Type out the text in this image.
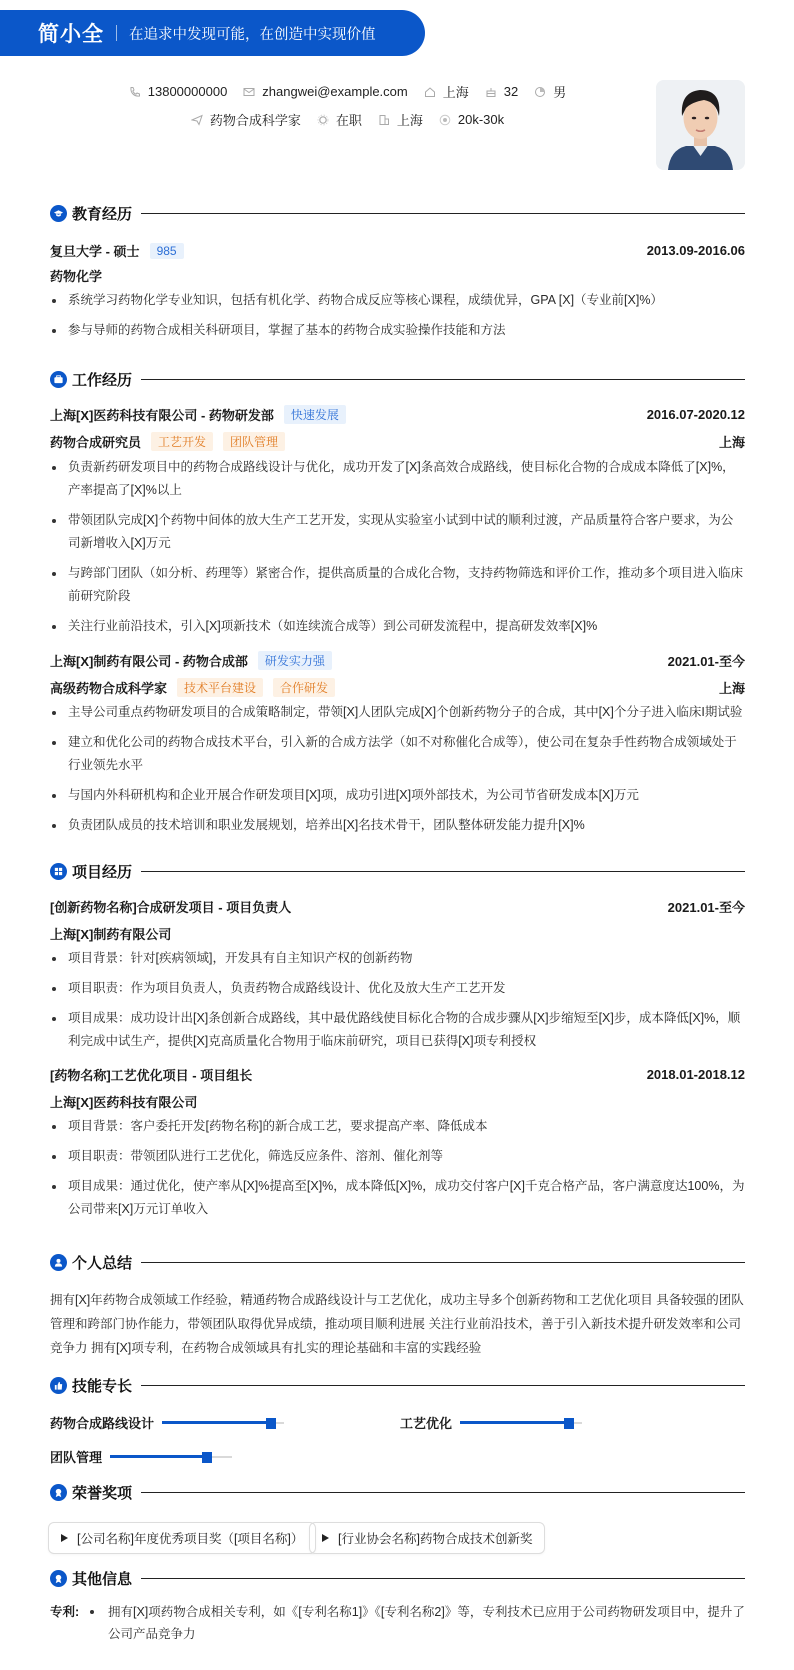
简小全 在追求中发现可能，在创造中实现价值
13800000000	zhangwei@example.com	上海	32	男
药物合成科学家	在职	上海	20k-30k
教育经历
复旦大学 - 硕士	985	2013.09-2016.06
药物化学
系统学习药物化学专业知识，包括有机化学、药物合成反应等核心课程，成绩优异，GPA [X]（专业前[X]%）
参与导师的药物合成相关科研项目，掌握了基本的药物合成实验操作技能和方法
工作经历
上海[X]医药科技有限公司 - 药物研发部	快速发展	2016.07-2020.12
药物合成研究员	工艺开发	团队管理	上海
负责新药研发项目中的药物合成路线设计与优化，成功开发了[X]条高效合成路线，使目标化合物的合成成本降低了[X]%，产率提高了[X]%以上
带领团队完成[X]个药物中间体的放大生产工艺开发，实现从实验室小试到中试的顺利过渡，产品质量符合客户要求，为公司新增收入[X]万元
与跨部门团队（如分析、药理等）紧密合作，提供高质量的合成化合物，支持药物筛选和评价工作，推动多个项目进入临床前研究阶段
关注行业前沿技术，引入[X]项新技术（如连续流合成等）到公司研发流程中，提高研发效率[X]%
上海[X]制药有限公司 - 药物合成部	研发实力强	2021.01-至今
高级药物合成科学家	技术平台建设	合作研发	上海
主导公司重点药物研发项目的合成策略制定，带领[X]人团队完成[X]个创新药物分子的合成，其中[X]个分子进入临床I期试验
建立和优化公司的药物合成技术平台，引入新的合成方法学（如不对称催化合成等），使公司在复杂手性药物合成领域处于行业领先水平
与国内外科研机构和企业开展合作研发项目[X]项，成功引进[X]项外部技术，为公司节省研发成本[X]万元
负责团队成员的技术培训和职业发展规划，培养出[X]名技术骨干，团队整体研发能力提升[X]%
项目经历
[创新药物名称]合成研发项目 - 项目负责人	2021.01-至今
上海[X]制药有限公司
项目背景：针对[疾病领域]，开发具有自主知识产权的创新药物
项目职责：作为项目负责人，负责药物合成路线设计、优化及放大生产工艺开发
项目成果：成功设计出[X]条创新合成路线，其中最优路线使目标化合物的合成步骤从[X]步缩短至[X]步，成本降低[X]%，顺利完成中试生产，提供[X]克高质量化合物用于临床前研究，项目已获得[X]项专利授权
[药物名称]工艺优化项目 - 项目组长	2018.01-2018.12
上海[X]医药科技有限公司
项目背景：客户委托开发[药物名称]的新合成工艺，要求提高产率、降低成本
项目职责：带领团队进行工艺优化，筛选反应条件、溶剂、催化剂等
项目成果：通过优化，使产率从[X]%提高至[X]%，成本降低[X]%，成功交付客户[X]千克合格产品，客户满意度达100%，为公司带来[X]万元订单收入
个人总结
拥有[X]年药物合成领域工作经验，精通药物合成路线设计与工艺优化，成功主导多个创新药物和工艺优化项目 具备较强的团队管理和跨部门协作能力，带领团队取得优异成绩，推动项目顺利进展 关注行业前沿技术，善于引入新技术提升研发效率和公司竞争力 拥有[X]项专利，在药物合成领域具有扎实的理论基础和丰富的实践经验
技能专长
药物合成路线设计	工艺优化
团队管理
荣誉奖项
[公司名称]年度优秀项目奖（[项目名称]）	[行业协会名称]药物合成技术创新奖
其他信息
专利:	拥有[X]项药物合成相关专利，如《[专利名称1]》《[专利名称2]》等，专利技术已应用于公司药物研发项目中，提升了公司产品竞争力
